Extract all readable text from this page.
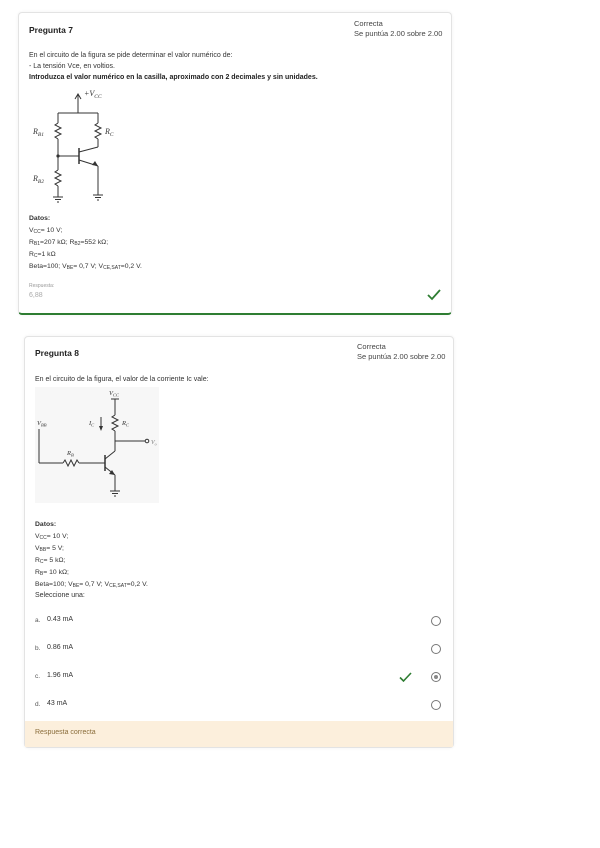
Pregunta 7
Correcta
Se puntúa 2.00 sobre 2.00
En el circuito de la figura se pide determinar el valor numérico de:
- La tensión Vce, en voltios.
Introduzca el valor numérico en la casilla, aproximado con 2 decimales y sin unidades.
$+V_{CC}$
$R_{B1}$	$R_C$
$R_{B2}$
Datos:
$V_{CC}= 10$ V;
$R_{B1}=207$ kΩ; $R_{B2}=552$ kΩ;
$R_C=1$ kΩ
Beta=100; $V_{BE}= 0,7$ V; $V_{CE,SAT}=0,2$ V.
Respuesta:
6,88
Pregunta 8
Correcta
Se puntúa 2.00 sobre 2.00
En el circuito de la figura, el valor de la corriente Ic vale:
$V_{CC}$
$V_{BB}$	$I_C$	$R_C$
$R_B$
$V_o$
Datos:
$V_{CC}= 10$ V;
$V_{BB}= 5$ V;
$R_C= 5$ kΩ;
$R_B= 10$ kΩ;
Beta=100; $V_{BE}= 0,7$ V; $V_{CE,SAT}=0,2$ V.
Seleccione una:
a. 0.43 mA
b. 0.86 mA
c. 1.96 mA
d. 43 mA
Respuesta correcta
